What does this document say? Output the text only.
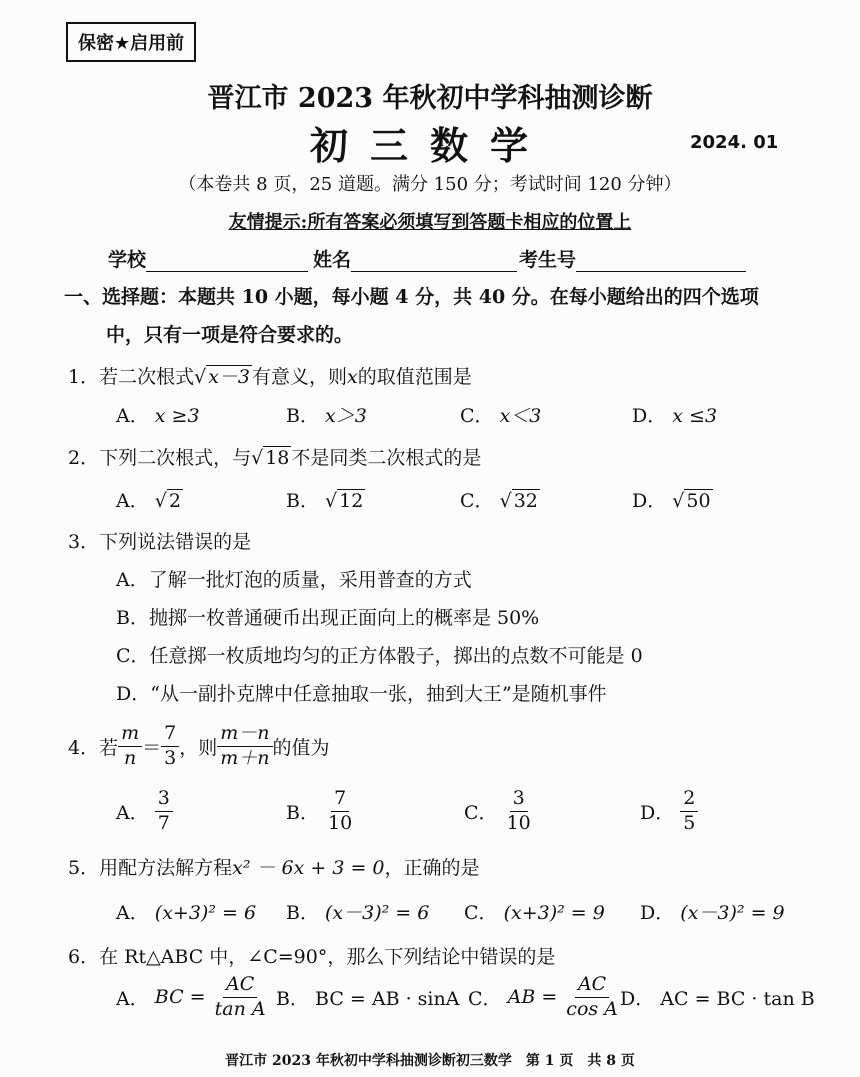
保密★启用前
晋江市 2023 年秋初中学科抽测诊断
初三数学	2024. 01
（本卷共 8 页，25 道题。满分 150 分；考试时间 120 分钟）
友情提示:所有答案必须填写到答题卡相应的位置上
学校	姓名	考生号
一、选择题：本题共 10 小题，每小题 4 分，共 40 分。在每小题给出的四个选项
中，只有一项是符合要求的。
1．若二次根式√ x－3 有意义，则x的取值范围是
A． x ≥3	B． x＞3	C． x＜3	D． x ≤3
2．下列二次根式，与√ 18 不是同类二次根式的是
A． √ 2	B． √ 12	C． √ 32	D． √ 50
3．下列说法错误的是
A．了解一批灯泡的质量，采用普查的方式
B．抛掷一枚普通硬币出现正面向上的概率是 50%
C．任意掷一枚质地均匀的正方体骰子，掷出的点数不可能是 0
D．“从一副扑克牌中任意抽取一张，抽到大王”是随机事件
4． 若 $\frac{m}{n} = \frac{7}{3}$ ，则 $\frac{m-n}{m+n}$ 的值为
A．
$\frac{3}{7}$	B．
$\frac{7}{10}$	C．
$\frac{3}{10}$	D．
$\frac{2}{5}$
5．用配方法解方程x² － 6x + 3 = 0，正确的是
A． (x+3)² = 6 B． (x－3)² = 6 C． (x+3)² = 9 D． (x－3)² = 9
6．在 Rt△ABC 中，∠C=90°，那么下列结论中错误的是
A．
BC =
$\frac{AC}{\text{tan A}}$ B． BC = AB · sinA C．
AB =
$\frac{AC}{\text{cos A}}$ D． AC = BC · tan B
晋江市 2023 年秋初中学科抽测诊断初三数学　第 1 页　共 8 页
